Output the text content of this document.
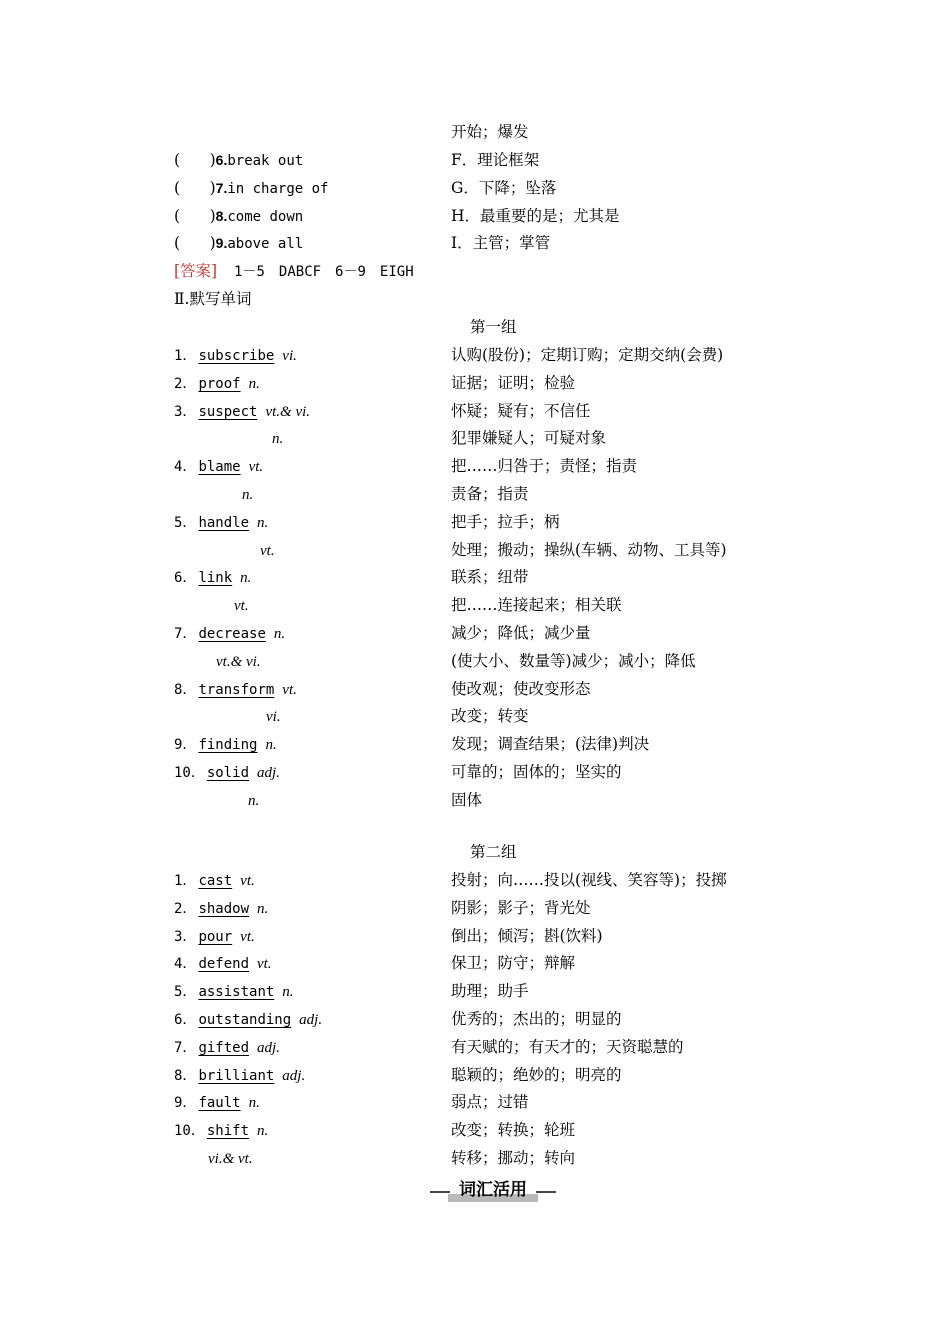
开始；爆发
(      )6.break out	F．理论框架
(      )7.in charge of	G．下降；坠落
(      )8.come down	H．最重要的是；尤其是
(      )9.above all	I．主管；掌管
[答案] 1－5　DABCF　6－9　EIGH
Ⅱ.默写单词
第一组
1． subscribe vi.	认购(股份)；定期订购；定期交纳(会费)
2． proof n.	证据；证明；检验
3． suspect vt.& vi.	怀疑；疑有；不信任
n.	犯罪嫌疑人；可疑对象
4． blame vt.	把……归咎于；责怪；指责
n.	责备；指责
5． handle n.	把手；拉手；柄
vt.	处理；搬动；操纵(车辆、动物、工具等)
6． link n.	联系；纽带
vt.	把……连接起来；相关联
7． decrease n.	减少；降低；减少量
vt.& vi.	(使大小、数量等)减少；减小；降低
8． transform vt.	使改观；使改变形态
vi.	改变；转变
9． finding n.	发现；调查结果；(法律)判决
10． solid adj.	可靠的；固体的；坚实的
n.	固体
第二组
1． cast vt.	投射；向……投以(视线、笑容等)；投掷
2． shadow n.	阴影；影子；背光处
3． pour vt.	倒出；倾泻；斟(饮料)
4． defend vt.	保卫；防守；辩解
5． assistant n.	助理；助手
6． outstanding adj.	优秀的；杰出的；明显的
7． gifted adj.	有天赋的；有天才的；天资聪慧的
8． brilliant adj.	聪颖的；绝妙的；明亮的
9． fault n.	弱点；过错
10． shift n.	改变；转换；轮班
vi.& vt.	转移；挪动；转向
词汇活用
